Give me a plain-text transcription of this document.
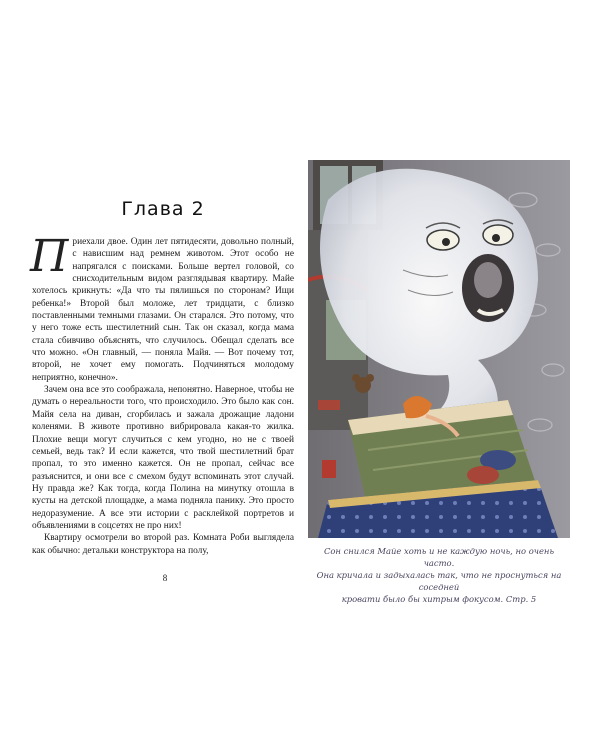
Глава 2

Приехали двое. Один лет пятидесяти, довольно полный, с нависшим над ремнем животом. Этот особо не напрягался с поисками. Больше вертел головой, со снисходительным видом разглядывая квартиру. Майе хотелось крикнуть: «Да что ты пялишься по сторонам? Ищи ребенка!» Второй был моложе, лет тридцати, с близко поставленными темными глазами. Он старался. Это потому, что у него тоже есть шестилетний сын. Так он сказал, когда мама стала сбивчиво объяснять, что случилось. Обещал сделать все что можно. «Он главный, — поняла Майя. — Вот почему тот, второй, не хочет ему помогать. Подчиняться молодому неприятно, конечно».

Зачем она все это соображала, непонятно. Наверное, чтобы не думать о нереальности того, что происходило. Это было как сон. Майя села на диван, сгорбилась и зажала дрожащие ладони коленями. В животе противно вибрировала какая-то жилка. Плохие вещи могут случиться с кем угодно, но не с твоей семьей, ведь так? И если кажется, что твой шестилетний брат пропал, то это именно кажется. Он не пропал, сейчас все разъяснится, и они все с смехом будут вспоминать этот случай. Ну правда же? Как тогда, когда Полина на минутку отошла в кусты на детской площадке, а мама подняла панику. Это просто недоразумение. А все эти истории с расклейкой портретов и объявлениями в соцсетях не про них!

Квартиру осмотрели во второй раз. Комната Роби выглядела как обычно: детальки конструктора на полу,

8
Сон снился Майе хоть и не каждую ночь, но очень часто.
Она кричала и задыхалась так, что не проснуться на соседней
кровати было бы хитрым фокусом. Стр. 5
